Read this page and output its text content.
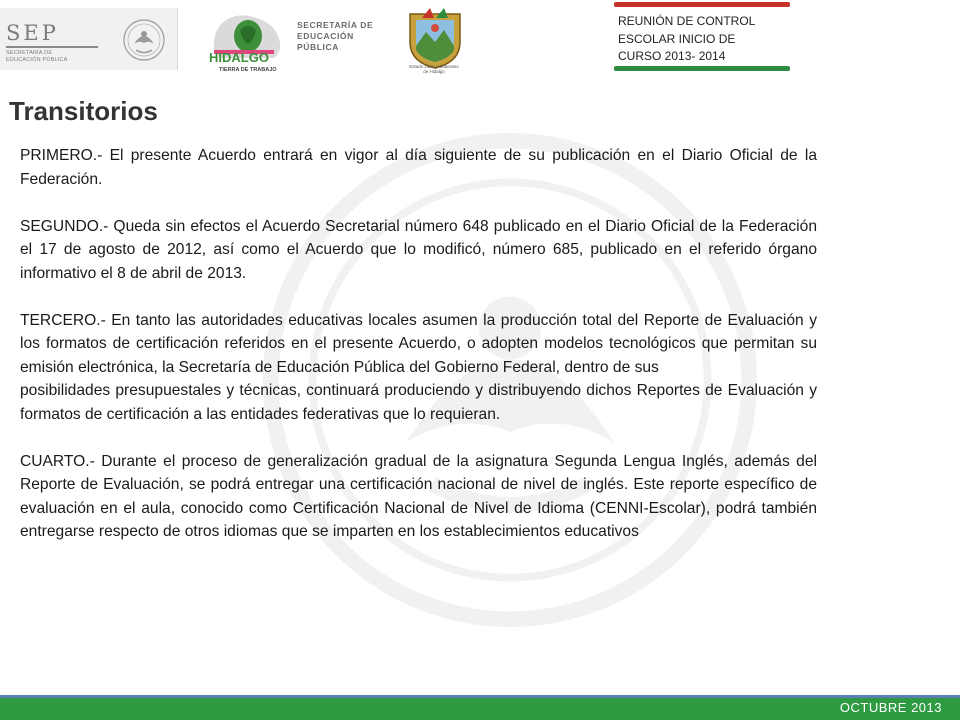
SEP
SECRETARÍA DE
EDUCACIÓN PÚBLICA	HIDALGO
TIERRA DE TRABAJO
SECRETARÍA DE
EDUCACIÓN
PÚBLICA
Estado Libre y Soberano
de Hidalgo
REUNIÓN DE CONTROL
ESCOLAR INICIO DE
CURSO 2013- 2014
Transitorios

PRIMERO.- El presente Acuerdo entrará en vigor al día siguiente de su publicación en el Diario Oficial de la Federación.

SEGUNDO.- Queda sin efectos el Acuerdo Secretarial número 648 publicado en el Diario Oficial de la Federación el 17 de agosto de 2012, así como el Acuerdo que lo modificó, número 685, publicado en el referido órgano informativo el 8 de abril de 2013.

TERCERO.- En tanto las autoridades educativas locales asumen la producción total del Reporte de Evaluación y los formatos de certificación referidos en el presente Acuerdo, o adopten modelos tecnológicos que permitan su emisión electrónica, la Secretaría de Educación Pública del Gobierno Federal, dentro de sus

posibilidades presupuestales y técnicas, continuará produciendo y distribuyendo dichos Reportes de Evaluación y formatos de certificación a las entidades federativas que lo requieran.

CUARTO.- Durante el proceso de generalización gradual de la asignatura Segunda Lengua Inglés, además del Reporte de Evaluación, se podrá entregar una certificación nacional de nivel de inglés. Este reporte específico de evaluación en el aula, conocido como Certificación Nacional de Nivel de Idioma (CENNI-Escolar), podrá también entregarse respecto de otros idiomas que se imparten en los establecimientos educativos

OCTUBRE 2013
